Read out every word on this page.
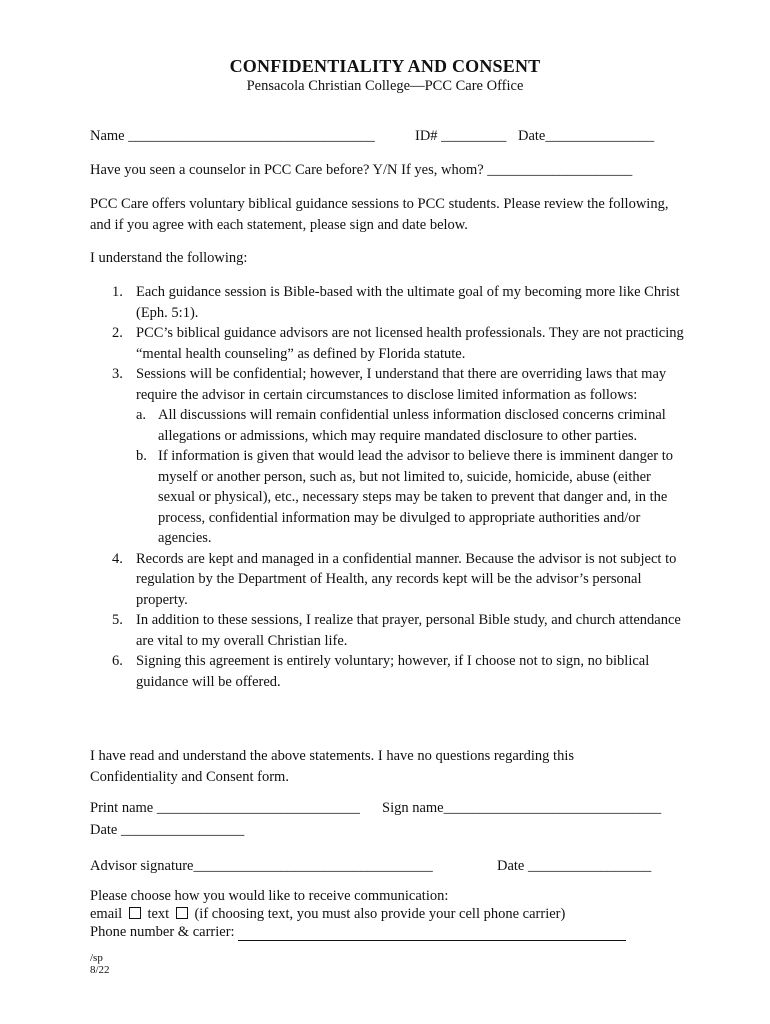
CONFIDENTIALITY AND CONSENT
Pensacola Christian College—PCC Care Office
Name __________________________________	ID# _________ Date_______________
Have you seen a counselor in PCC Care before? Y/N If yes, whom? ____________________
PCC Care offers voluntary biblical guidance sessions to PCC students. Please review the following, and if you agree with each statement, please sign and date below.
I understand the following:
1. Each guidance session is Bible-based with the ultimate goal of my becoming more like Christ (Eph. 5:1).
2. PCC’s biblical guidance advisors are not licensed health professionals. They are not practicing “mental health counseling” as defined by Florida statute.
3. Sessions will be confidential; however, I understand that there are overriding laws that may require the advisor in certain circumstances to disclose limited information as follows:
a. All discussions will remain confidential unless information disclosed concerns criminal allegations or admissions, which may require mandated disclosure to other parties.
b. If information is given that would lead the advisor to believe there is imminent danger to myself or another person, such as, but not limited to, suicide, homicide, abuse (either sexual or physical), etc., necessary steps may be taken to prevent that danger and, in the process, confidential information may be divulged to appropriate authorities and/or agencies.
4. Records are kept and managed in a confidential manner. Because the advisor is not subject to regulation by the Department of Health, any records kept will be the advisor’s personal property.
5. In addition to these sessions, I realize that prayer, personal Bible study, and church attendance are vital to my overall Christian life.
6. Signing this agreement is entirely voluntary; however, if I choose not to sign, no biblical guidance will be offered.
I have read and understand the above statements. I have no questions regarding this Confidentiality and Consent form.
Print name ____________________________ Sign name______________________________
Date _________________
Advisor signature_________________________________	Date _________________
Please choose how you would like to receive communication:
email text (if choosing text, you must also provide your cell phone carrier)
Phone number & carrier:
/sp
8/22
